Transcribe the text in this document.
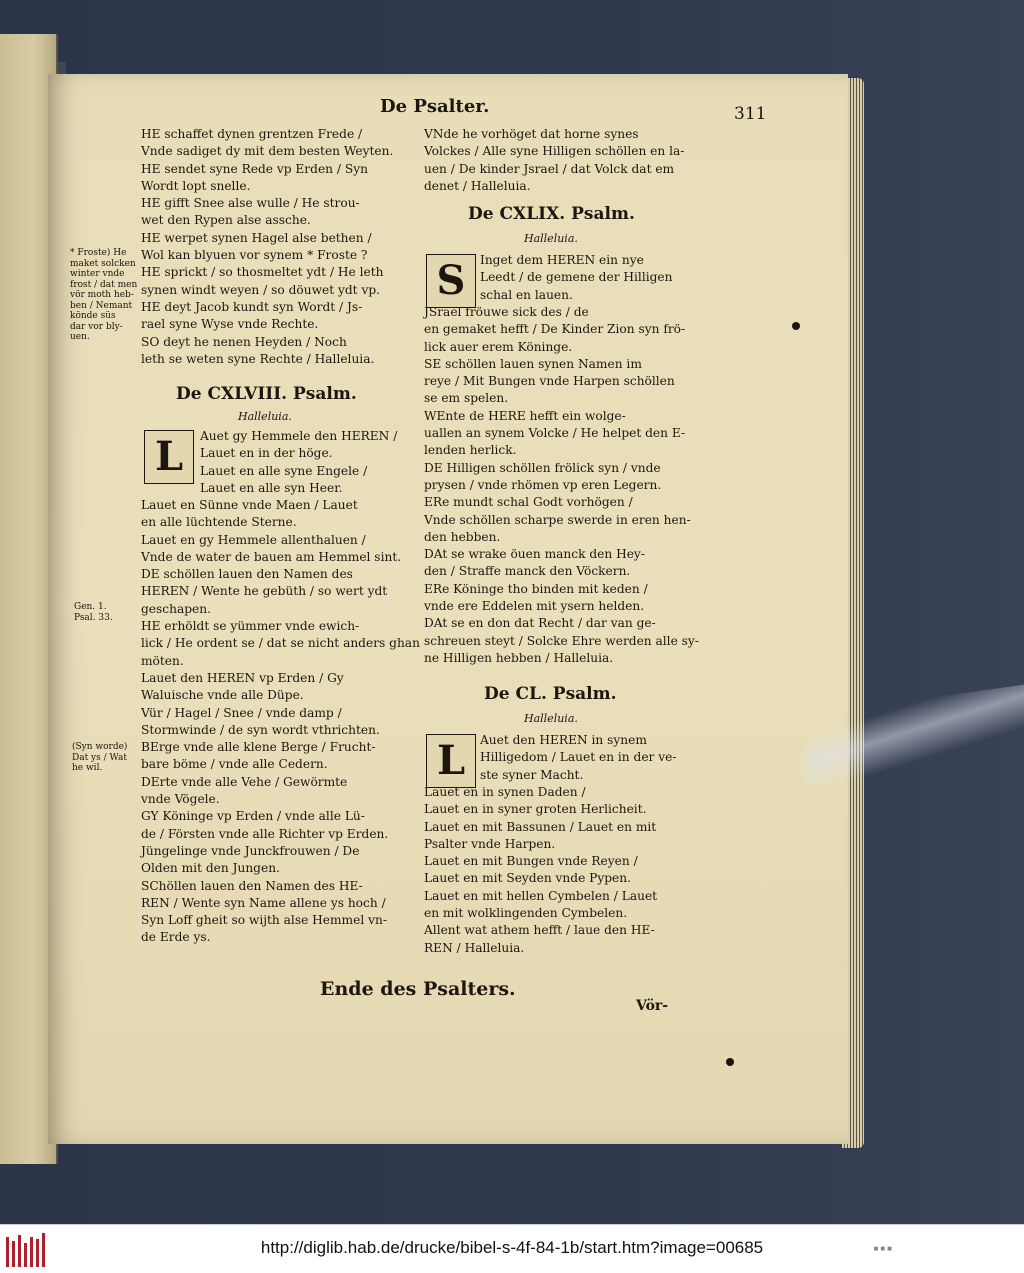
De Psalter.	311
HE schaffet dynen grentzen Frede /
Vnde sadiget dy mit dem besten Weyten.
HE sendet syne Rede vp Erden / Syn
Wordt lopt snelle.
HE gifft Snee alse wulle / He strou-
wet den Rypen alse assche.
HE werpet synen Hagel alse bethen /
Wol kan blyuen vor synem * Froste ?
HE sprickt / so thosmeltet ydt / He leth
synen windt weyen / so döuwet ydt vp.
HE deyt Jacob kundt syn Wordt / Js-
rael syne Wyse vnde Rechte.
SO deyt he nenen Heyden / Noch
leth se weten syne Rechte / Halleluia.
De CXLVIII. Psalm.
Halleluia.
L	Auet gy Hemmele den HEREN /
Lauet en in der höge.
Lauet en alle syne Engele /
Lauet en alle syn Heer.
Lauet en Sünne vnde Maen / Lauet
en alle lüchtende Sterne.
Lauet en gy Hemmele allenthaluen /
Vnde de water de bauen am Hemmel sint.
DE schöllen lauen den Namen des
HEREN / Wente he gebüth / so wert ydt
geschapen.
HE erhöldt se yümmer vnde ewich-
lick / He ordent se / dat se nicht anders ghan
möten.
Lauet den HEREN vp Erden / Gy
Waluische vnde alle Düpe.
Vür / Hagel / Snee / vnde damp /
Stormwinde / de syn wordt vthrichten.
BErge vnde alle klene Berge / Frucht-
bare böme / vnde alle Cedern.
DErte vnde alle Vehe / Gewörmte
vnde Vögele.
GY Köninge vp Erden / vnde alle Lü-
de / Försten vnde alle Richter vp Erden.
Jüngelinge vnde Junckfrouwen / De
Olden mit den Jungen.
SChöllen lauen den Namen des HE-
REN / Wente syn Name allene ys hoch /
Syn Loff gheit so wijth alse Hemmel vn-
de Erde ys.
VNde he vorhöget dat horne synes
Volckes / Alle syne Hilligen schöllen en la-
uen / De kinder Jsrael / dat Volck dat em
denet / Halleluia.
De CXLIX. Psalm.
Halleluia.
S	Inget dem HEREN ein nye
Leedt / de gemene der Hilligen
schal en lauen.
JSrael fröuwe sick des / de
en gemaket hefft / De Kinder Zion syn frö-
lick auer erem Köninge.
SE schöllen lauen synen Namen im
reye / Mit Bungen vnde Harpen schöllen
se em spelen.
WEnte de HERE hefft ein wolge-
uallen an synem Volcke / He helpet den E-
lenden herlick.
DE Hilligen schöllen frölick syn / vnde
prysen / vnde rhömen vp eren Legern.
ERe mundt schal Godt vorhögen /
Vnde schöllen scharpe swerde in eren hen-
den hebben.
DAt se wrake öuen manck den Hey-
den / Straffe manck den Vöckern.
ERe Köninge tho binden mit keden /
vnde ere Eddelen mit ysern helden.
DAt se en don dat Recht / dar van ge-
schreuen steyt / Solcke Ehre werden alle sy-
ne Hilligen hebben / Halleluia.
De CL. Psalm.
Halleluia.
L	Auet den HEREN in synem
Hilligedom / Lauet en in der ve-
ste syner Macht.
Lauet en in synen Daden /
Lauet en in syner groten Herlicheit.
Lauet en mit Bassunen / Lauet en mit
Psalter vnde Harpen.
Lauet en mit Bungen vnde Reyen /
Lauet en mit Seyden vnde Pypen.
Lauet en mit hellen Cymbelen / Lauet
en mit wolklingenden Cymbelen.
Allent wat athem hefft / laue den HE-
REN / Halleluia.
* Froste) He
maket solcken
winter vnde
frost / dat men
vör moth heb-
ben / Nemant
könde süs
dar vor bly-
uen.
Gen. 1.
Psal. 33.
(Syn worde)
Dat ys / Wat
he wil.
Ende des Psalters.
Vör-
http://diglib.hab.de/drucke/bibel-s-4f-84-1b/start.htm?image=00685	■■■
